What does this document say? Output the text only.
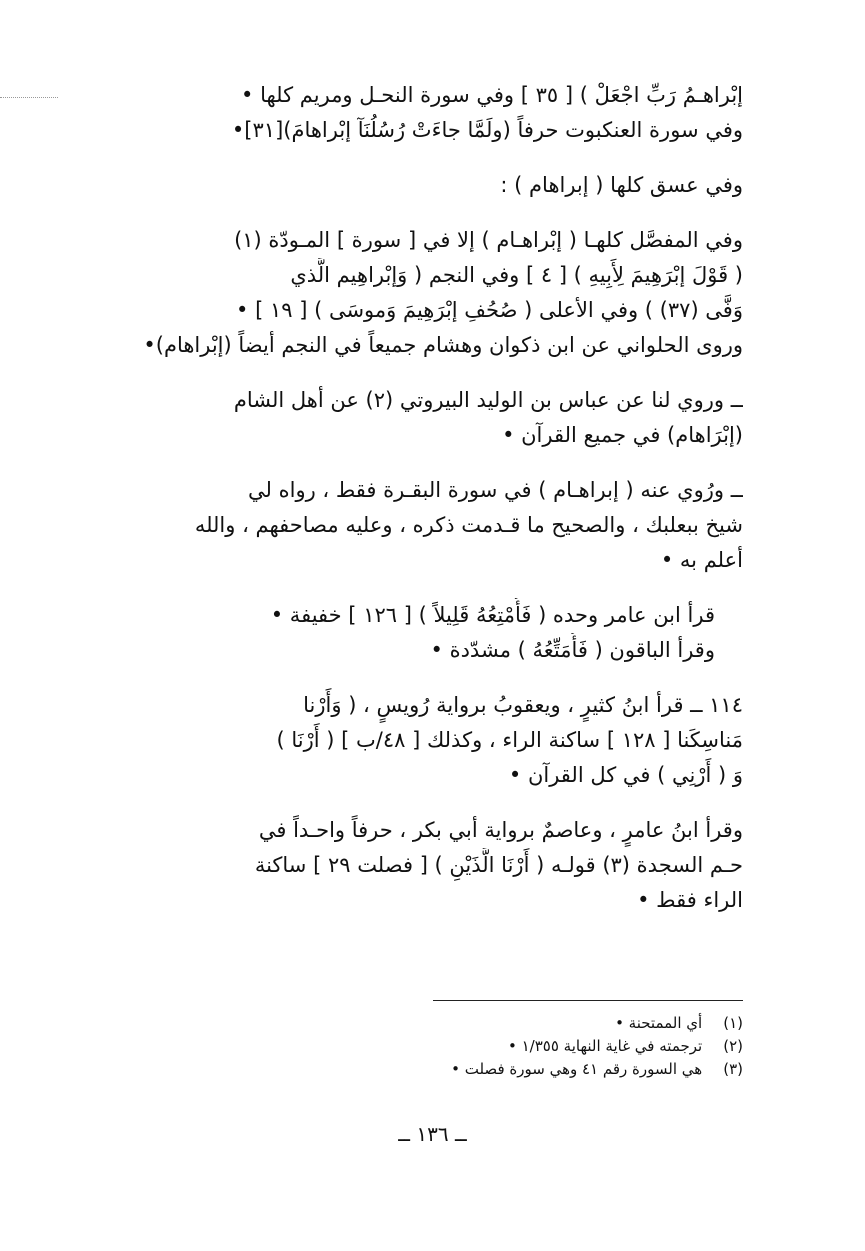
إبْراهـمُ رَبِّ اجْعَلْ ) [ ٣٥ ] وفي سورة النحـل ومريم كلها •
وفي سورة العنكبوت حرفاً (ولَمَّا جاءَتْ رُسُلُنَآ إبْراهامَ)[٣١]•

وفي عسق كلها ( إبراهام ) :

وفي المفصَّل كلهـا ( إبْراهـام ) إلا في [ سورة ] المـودّة (١)
( قَوْلَ إبْرَهِيمَ لِأَبِيهِ ) [ ٤ ] وفي النجم ( وَإبْراهِيم الَّذي
وَفَّى (٣٧) ) وفي الأعلى ( صُحُفِ إبْرَهِيمَ وَموسَى ) [ ١٩ ] •
وروى الحلواني عن ابن ذكوان وهشام جميعاً في النجم أيضاً (إبْراهام)•

ــ وروي لنا عن عباس بن الوليد البيروتي (٢) عن أهل الشام
(إبْرَاهام) في جميع القرآن •

ــ ورُوي عنه ( إبراهـام ) في سورة البقـرة فقط ، رواه لي
شيخ ببعلبك ، والصحيح ما قـدمت ذكره ، وعليه مصاحفهم ، والله
أعلم به •

قرأ ابن عامر وحده ( فَأُمْتِعُهُ قَلِيلاً ) [ ١٢٦ ] خفيفة •
وقرأ الباقون ( فَأُمَتِّعُهُ ) مشدّدة •

١١٤ ــ قرأ ابنُ كثيرٍ ، ويعقوبُ برواية رُويسٍ ، ( وَأَرْنا
مَناسِكَنا [ ١٢٨ ] ساكنة الراء ، وكذلك [ ٤٨/ب ] ( أَرْنَا )
وَ ( أَرْنِي ) في كل القرآن •

وقرأ ابنُ عامرٍ ، وعاصمٌ برواية أبي بكر ، حرفاً واحـداً في
حـم السجدة (٣) قولـه ( أَرْنَا الَّذَيْنِ ) [ فصلت ٢٩ ] ساكنة
الراء فقط •

(١) أي الممتحنة •
(٢) ترجمته في غاية النهاية ١/٣٥٥ •
(٣) هي السورة رقم ٤١ وهي سورة فصلت •
ــ ١٣٦ ــ
